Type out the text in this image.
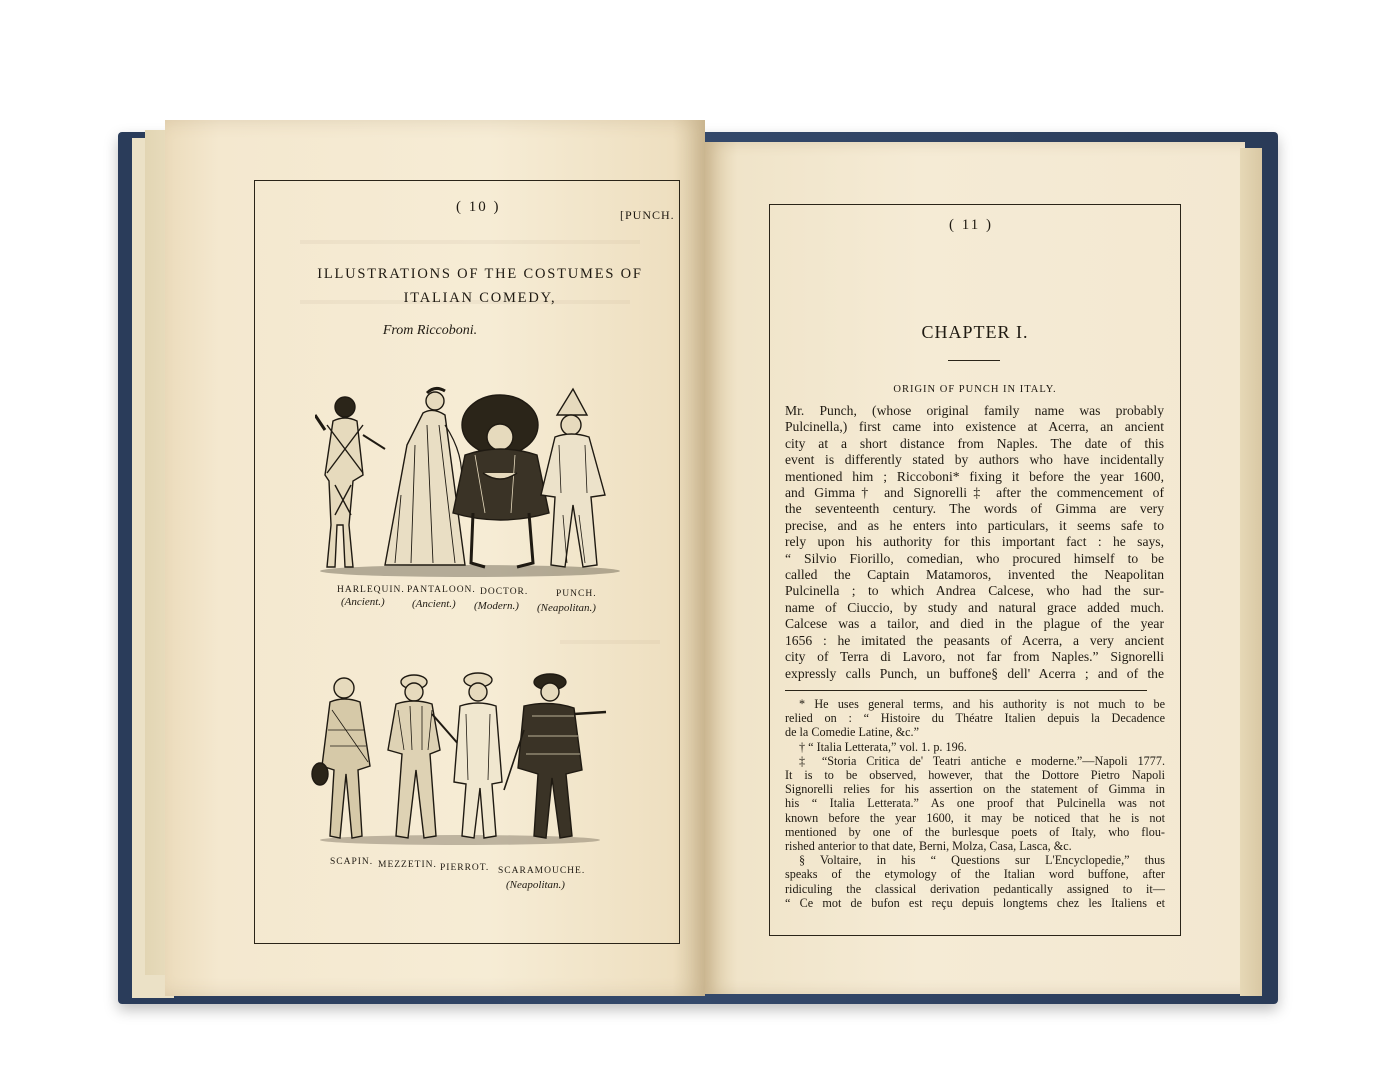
( 10 )	[PUNCH.
ILLUSTRATIONS OF THE COSTUMES OF
ITALIAN COMEDY,
From Riccoboni.
HARLEQUIN. PANTALOON. DOCTOR.	PUNCH.
(Ancient.) (Ancient.) (Modern.) (Neapolitan.)
SCAPIN. MEZZETIN. PIERROT. SCARAMOUCHE.
(Neapolitan.)
( 11 )
CHAPTER I.
ORIGIN OF PUNCH IN ITALY.
Mr. Punch, (whose original family name was probably
Pulcinella,) first came into existence at Acerra, an ancient
city at a short distance from Naples. The date of this
event is differently stated by authors who have incidentally
mentioned him ; Riccoboni* fixing it before the year 1600,
and Gimma† and Signorelli‡ after the commencement of
the seventeenth century. The words of Gimma are very
precise, and as he enters into particulars, it seems safe to
rely upon his authority for this important fact : he says,
“ Silvio Fiorillo, comedian, who procured himself to be
called the Captain Matamoros, invented the Neapolitan
Pulcinella ; to which Andrea Calcese, who had the sur-
name of Ciuccio, by study and natural grace added much.
Calcese was a tailor, and died in the plague of the year
1656 : he imitated the peasants of Acerra, a very ancient
city of Terra di Lavoro, not far from Naples.” Signorelli
expressly calls Punch, un buffone§ dell' Acerra ; and of the
* He uses general terms, and his authority is not much to be
relied on : “ Histoire du Théatre Italien depuis la Decadence
de la Comedie Latine, &c.”
† “ Italia Letterata,” vol. 1. p. 196.
‡ “Storia Critica de' Teatri antiche e moderne.”—Napoli 1777.
It is to be observed, however, that the Dottore Pietro Napoli
Signorelli relies for his assertion on the statement of Gimma in
his “ Italia Letterata.” As one proof that Pulcinella was not
known before the year 1600, it may be noticed that he is not
mentioned by one of the burlesque poets of Italy, who flou-
rished anterior to that date, Berni, Molza, Casa, Lasca, &c.
§ Voltaire, in his “ Questions sur L'Encyclopedie,” thus
speaks of the etymology of the Italian word buffone, after
ridiculing the classical derivation pedantically assigned to it—
“ Ce mot de bufon est reçu depuis longtems chez les Italiens et
